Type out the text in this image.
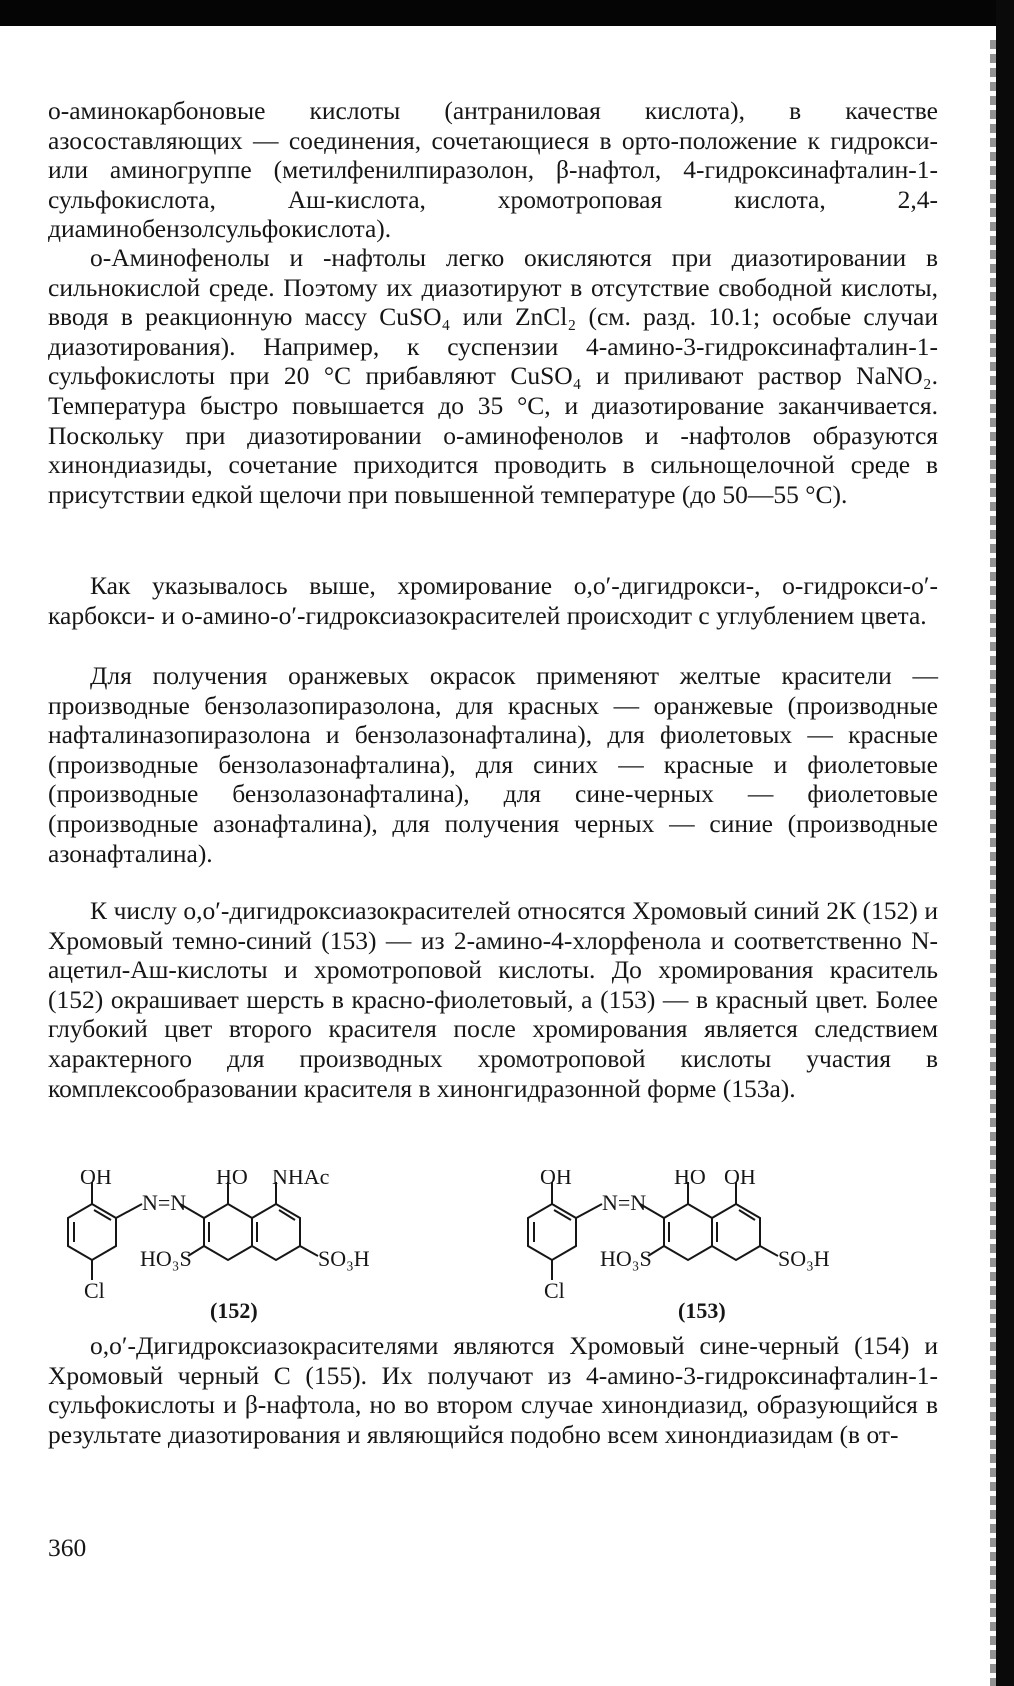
о-аминокарбоновые кислоты (антраниловая кислота), в качестве азосоставляющих — соединения, сочетающиеся в орто-положение к гидрокси- или аминогруппе (метилфенилпиразолон, β-нафтол, 4-гидроксинафталин-1-сульфокислота, Аш-кислота, хромотроповая кислота, 2,4-диаминобензолсульфокислота).
о-Аминофенолы и -нафтолы легко окисляются при диазотировании в сильнокислой среде. Поэтому их диазотируют в отсутствие свободной кислоты, вводя в реакционную массу CuSO₄ или ZnCl₂ (см. разд. 10.1; особые случаи диазотирования). Например, к суспензии 4-амино-3-гидроксинафталин-1-сульфокислоты при 20 °С прибавляют CuSO₄ и приливают раствор NaNO₂. Температура быстро повышается до 35 °С, и диазотирование заканчивается. Поскольку при диазотировании о-аминофенолов и -нафтолов образуются хинондиазиды, сочетание приходится проводить в сильнощелочной среде в присутствии едкой щелочи при повышенной температуре (до 50—55 °С).
Как указывалось выше, хромирование о,о′-дигидрокси-, о-гидрокси-о′-карбокси- и о-амино-о′-гидроксиазокрасителей происходит с углублением цвета.
Для получения оранжевых окрасок применяют желтые красители — производные бензолазопиразолона, для красных — оранжевые (производные нафталиназопиразолона и бензолазонафталина), для фиолетовых — красные (производные бензолазонафталина), для синих — красные и фиолетовые (производные бензолазонафталина), для сине-черных — фиолетовые (производные азонафталина), для получения черных — синие (производные азонафталина).
К числу о,о′-дигидроксиазокрасителей относятся Хромовый синий 2К (152) и Хромовый темно-синий (153) — из 2-амино-4-хлорфенола и соответственно N-ацетил-Аш-кислоты и хромотроповой кислоты. До хромирования краситель (152) окрашивает шерсть в красно-фиолетовый, а (153) — в красный цвет. Более глубокий цвет второго красителя после хромирования является следствием характерного для производных хромотроповой кислоты участия в комплексообразовании красителя в хинонгидразонной форме (153а).
OH
N=N
HO NHAc
HO₃S	SO₃H
Cl
(152)
OH
N=N
HO OH
HO₃S	SO₃H
Cl
(153)
о,о′-Дигидроксиазокрасителями являются Хромовый сине-черный (154) и Хромовый черный С (155). Их получают из 4-амино-3-гидроксинафталин-1-сульфокислоты и β-нафтола, но во втором случае хинондиазид, образующийся в результате диазотирования и являющийся подобно всем хинондиазидам (в от-
360
